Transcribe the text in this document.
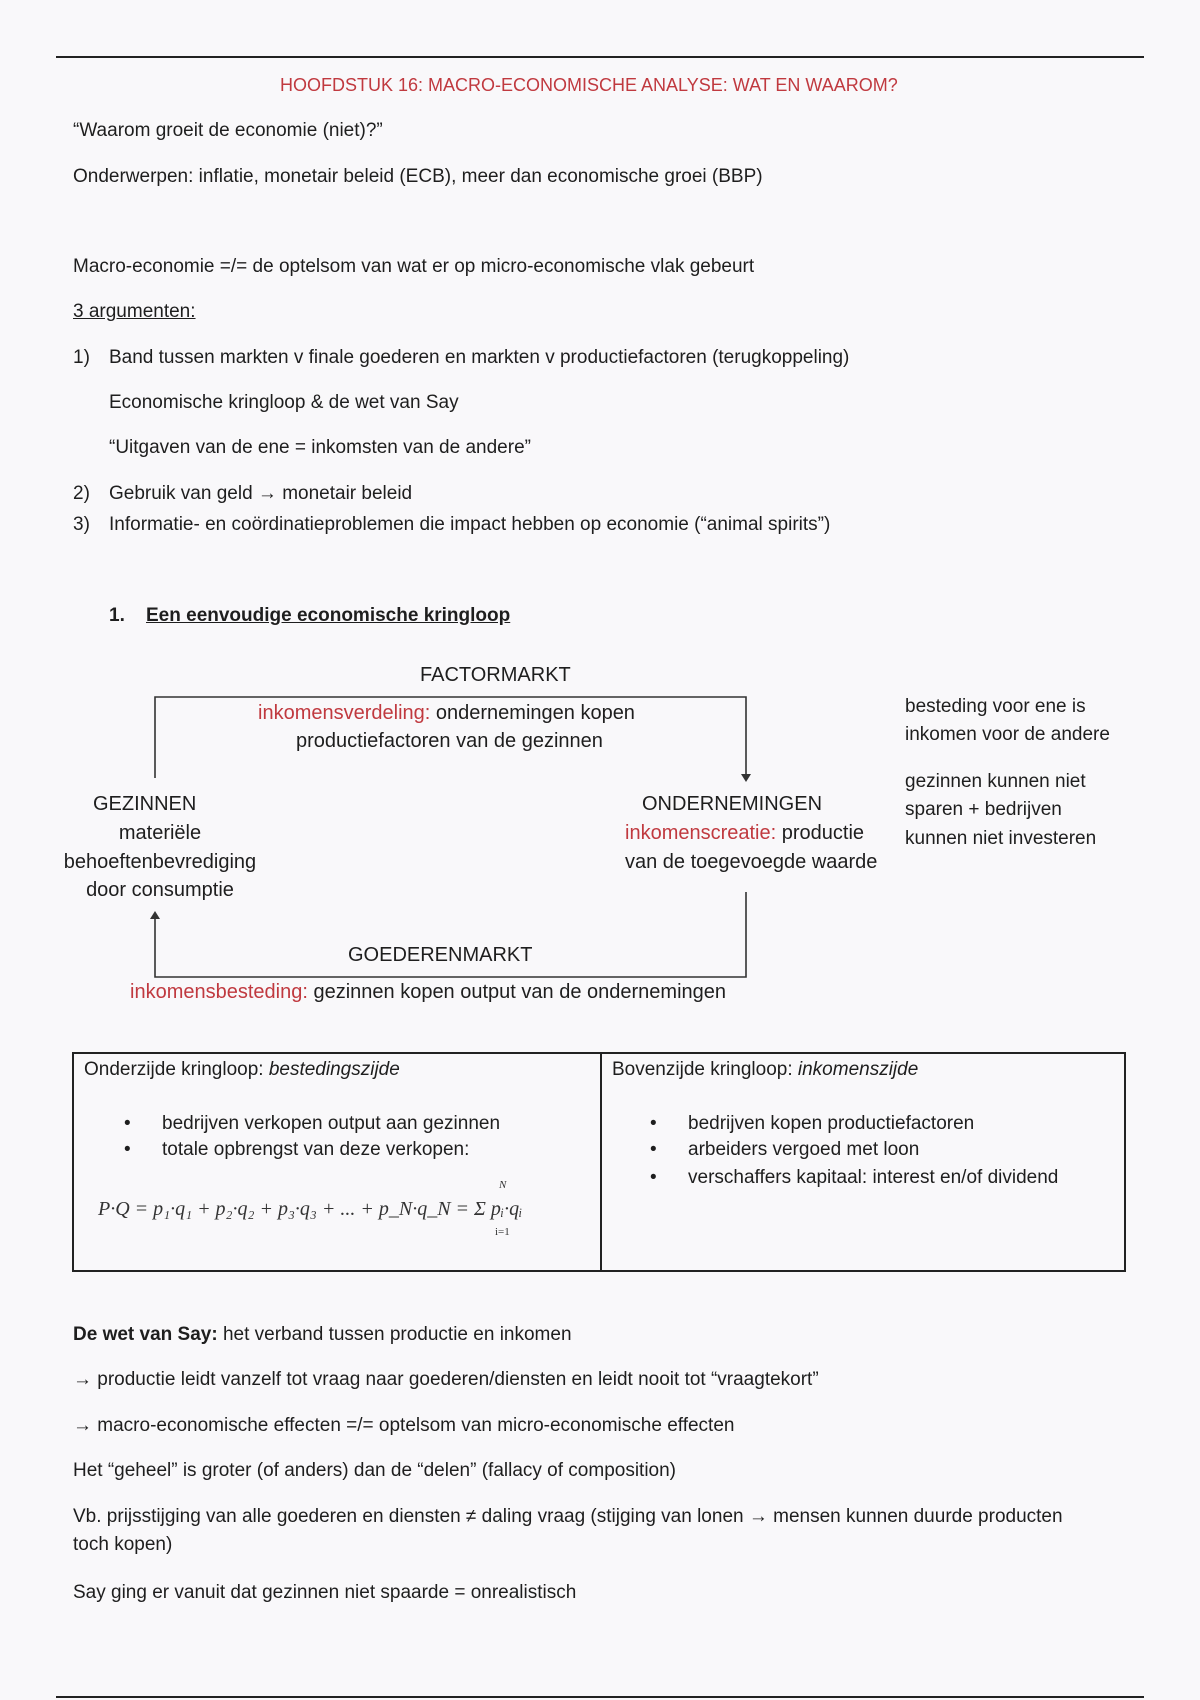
HOOFDSTUK 16: MACRO-ECONOMISCHE ANALYSE: WAT EN WAAROM?
“Waarom groeit de economie (niet)?”
Onderwerpen: inflatie, monetair beleid (ECB), meer dan economische groei (BBP)
Macro-economie =/= de optelsom van wat er op micro-economische vlak gebeurt
3 argumenten:
1) Band tussen markten v finale goederen en markten v productiefactoren (terugkoppeling)
Economische kringloop & de wet van Say
“Uitgaven van de ene = inkomsten van de andere”
2) Gebruik van geld → monetair beleid
3) Informatie- en coördinatieproblemen die impact hebben op economie (“animal spirits”)
1. Een eenvoudige economische kringloop
FACTORMARKT
inkomensverdeling: ondernemingen kopen
productiefactoren van de gezinnen
GEZINNEN
materiële
behoeftenbevrediging
door consumptie
ONDERNEMINGEN
inkomenscreatie: productie
van de toegevoegde waarde
GOEDERENMARKT
inkomensbesteding: gezinnen kopen output van de ondernemingen
besteding voor ene is
inkomen voor de andere
gezinnen kunnen niet
sparen + bedrijven
kunnen niet investeren
Onderzijde kringloop: bestedingszijde
• bedrijven verkopen output aan gezinnen
• totale opbrengst van deze verkopen:
P·Q = p₁·q₁ + p₂·q₂ + p₃·q₃ + ... + p_N·q_N = Σ pᵢ·qᵢ
N
i=1
Bovenzijde kringloop: inkomenszijde
• bedrijven kopen productiefactoren
• arbeiders vergoed met loon
• verschaffers kapitaal: interest en/of dividend
De wet van Say: het verband tussen productie en inkomen
→ productie leidt vanzelf tot vraag naar goederen/diensten en leidt nooit tot “vraagtekort”
→ macro-economische effecten =/= optelsom van micro-economische effecten
Het “geheel” is groter (of anders) dan de “delen” (fallacy of composition)
Vb. prijsstijging van alle goederen en diensten ≠ daling vraag (stijging van lonen → mensen kunnen duurde producten
toch kopen)
Say ging er vanuit dat gezinnen niet spaarde = onrealistisch
